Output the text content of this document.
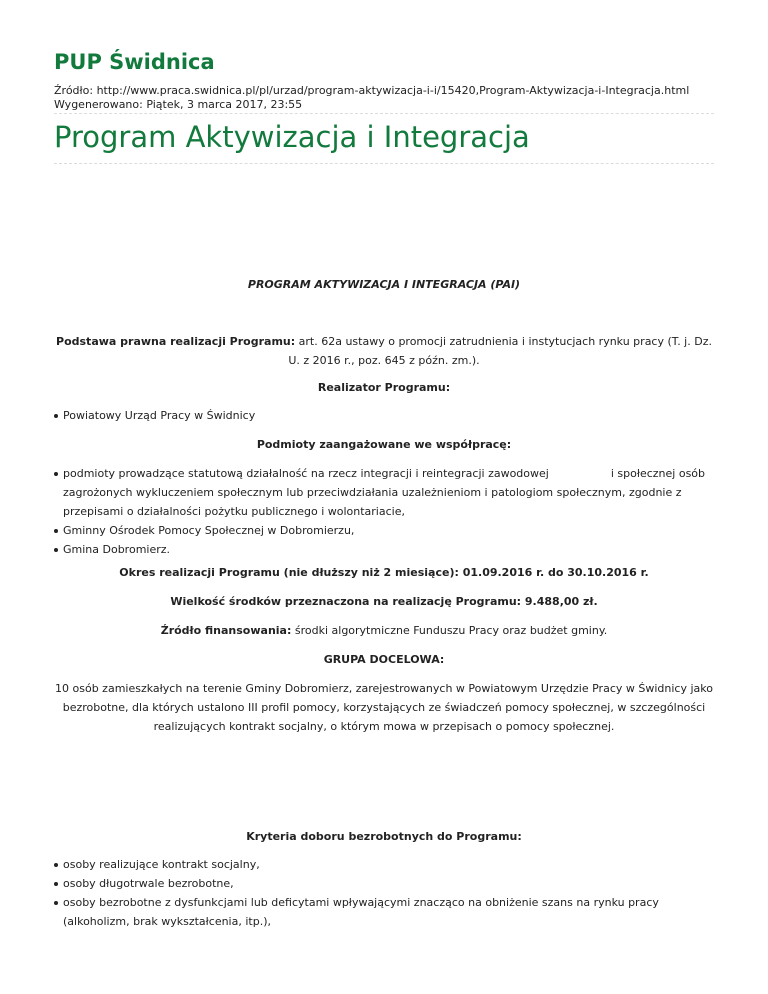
PUP Świdnica
Źródło: http://www.praca.swidnica.pl/pl/urzad/program-aktywizacja-i-i/15420,Program-Aktywizacja-i-Integracja.html
Wygenerowano: Piątek, 3 marca 2017, 23:55
Program Aktywizacja i Integracja
PROGRAM AKTYWIZACJA I INTEGRACJA (PAI)
Podstawa prawna realizacji Programu: art. 62a ustawy o promocji zatrudnienia i instytucjach rynku pracy (T. j. Dz. U. z 2016 r., poz. 645 z późn. zm.).
Realizator Programu:
Powiatowy Urząd Pracy w Świdnicy
Podmioty zaangażowane we współpracę:
podmioty prowadzące statutową działalność na rzecz integracji i reintegracji zawodowej	i społecznej osób zagrożonych wykluczeniem społecznym lub przeciwdziałania uzależnieniom i patologiom społecznym, zgodnie z przepisami o działalności pożytku publicznego i wolontariacie,
Gminny Ośrodek Pomocy Społecznej w Dobromierzu,
Gmina Dobromierz.
Okres realizacji Programu (nie dłuższy niż 2 miesiące): 01.09.2016 r. do 30.10.2016 r.
Wielkość środków przeznaczona na realizację Programu: 9.488,00 zł.
Źródło finansowania: środki algorytmiczne Funduszu Pracy oraz budżet gminy.
GRUPA DOCELOWA:
10 osób zamieszkałych na terenie Gminy Dobromierz, zarejestrowanych w Powiatowym Urzędzie Pracy w Świdnicy jako bezrobotne, dla których ustalono III profil pomocy, korzystających ze świadczeń pomocy społecznej, w szczególności realizujących kontrakt socjalny, o którym mowa w przepisach o pomocy społecznej.
Kryteria doboru bezrobotnych do Programu:
osoby realizujące kontrakt socjalny,
osoby długotrwale bezrobotne,
osoby bezrobotne z dysfunkcjami lub deficytami wpływającymi znacząco na obniżenie szans na rynku pracy (alkoholizm, brak wykształcenia, itp.),
